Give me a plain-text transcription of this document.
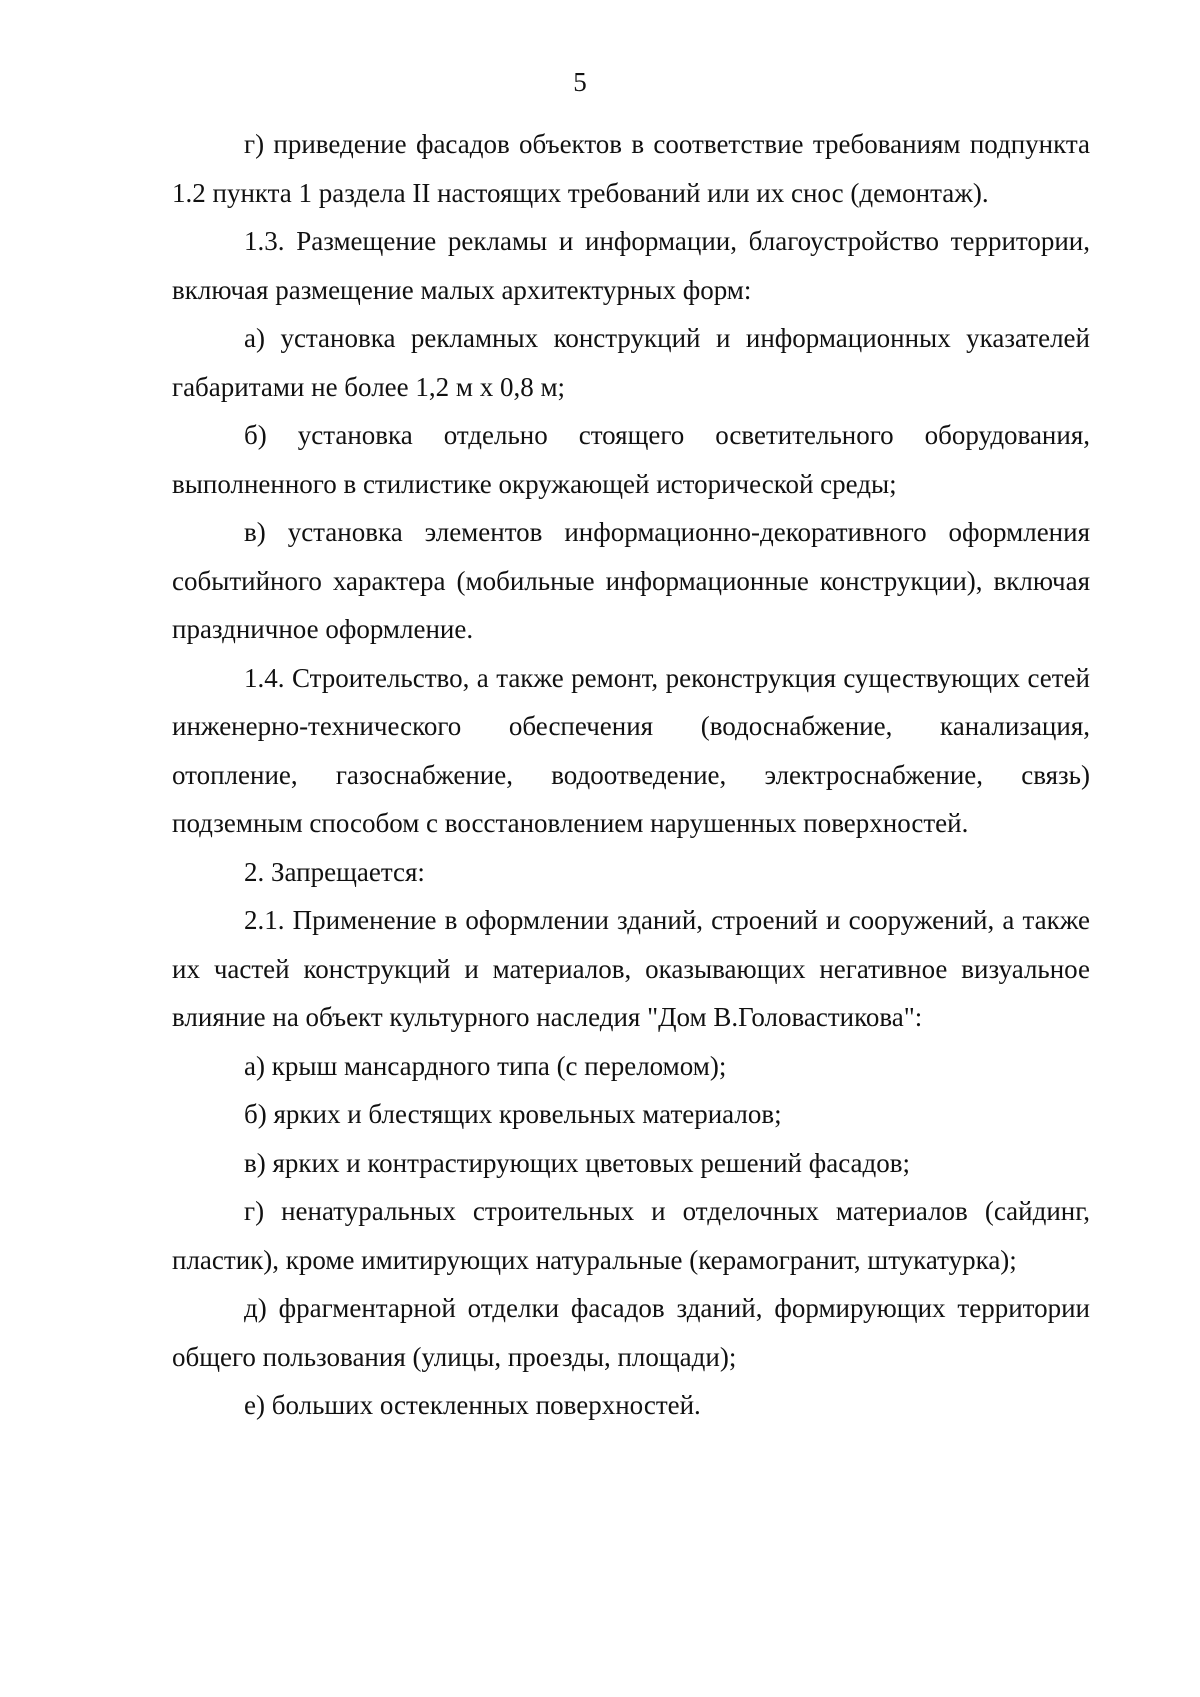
5

г) приведение фасадов объектов в соответствие требованиям подпункта 1.2 пункта 1 раздела II настоящих требований или их снос (демонтаж).

1.3. Размещение рекламы и информации, благоустройство территории, включая размещение малых архитектурных форм:

а) установка рекламных конструкций и информационных указателей габаритами не более 1,2 м х 0,8 м;

б) установка отдельно стоящего осветительного оборудования, выполненного в стилистике окружающей исторической среды;

в) установка элементов информационно-декоративного оформления событийного характера (мобильные информационные конструкции), включая праздничное оформление.

1.4. Строительство, а также ремонт, реконструкция существующих сетей инженерно-технического обеспечения (водоснабжение, канализация, отопление, газоснабжение, водоотведение, электроснабжение, связь) подземным способом с восстановлением нарушенных поверхностей.

2. Запрещается:

2.1. Применение в оформлении зданий, строений и сооружений, а также их частей конструкций и материалов, оказывающих негативное визуальное влияние на объект культурного наследия "Дом В.Головастикова":

а) крыш мансардного типа (с переломом);

б) ярких и блестящих кровельных материалов;

в) ярких и контрастирующих цветовых решений фасадов;

г) ненатуральных строительных и отделочных материалов (сайдинг, пластик), кроме имитирующих натуральные (керамогранит, штукатурка);

д) фрагментарной отделки фасадов зданий, формирующих территории общего пользования (улицы, проезды, площади);

е) больших остекленных поверхностей.
